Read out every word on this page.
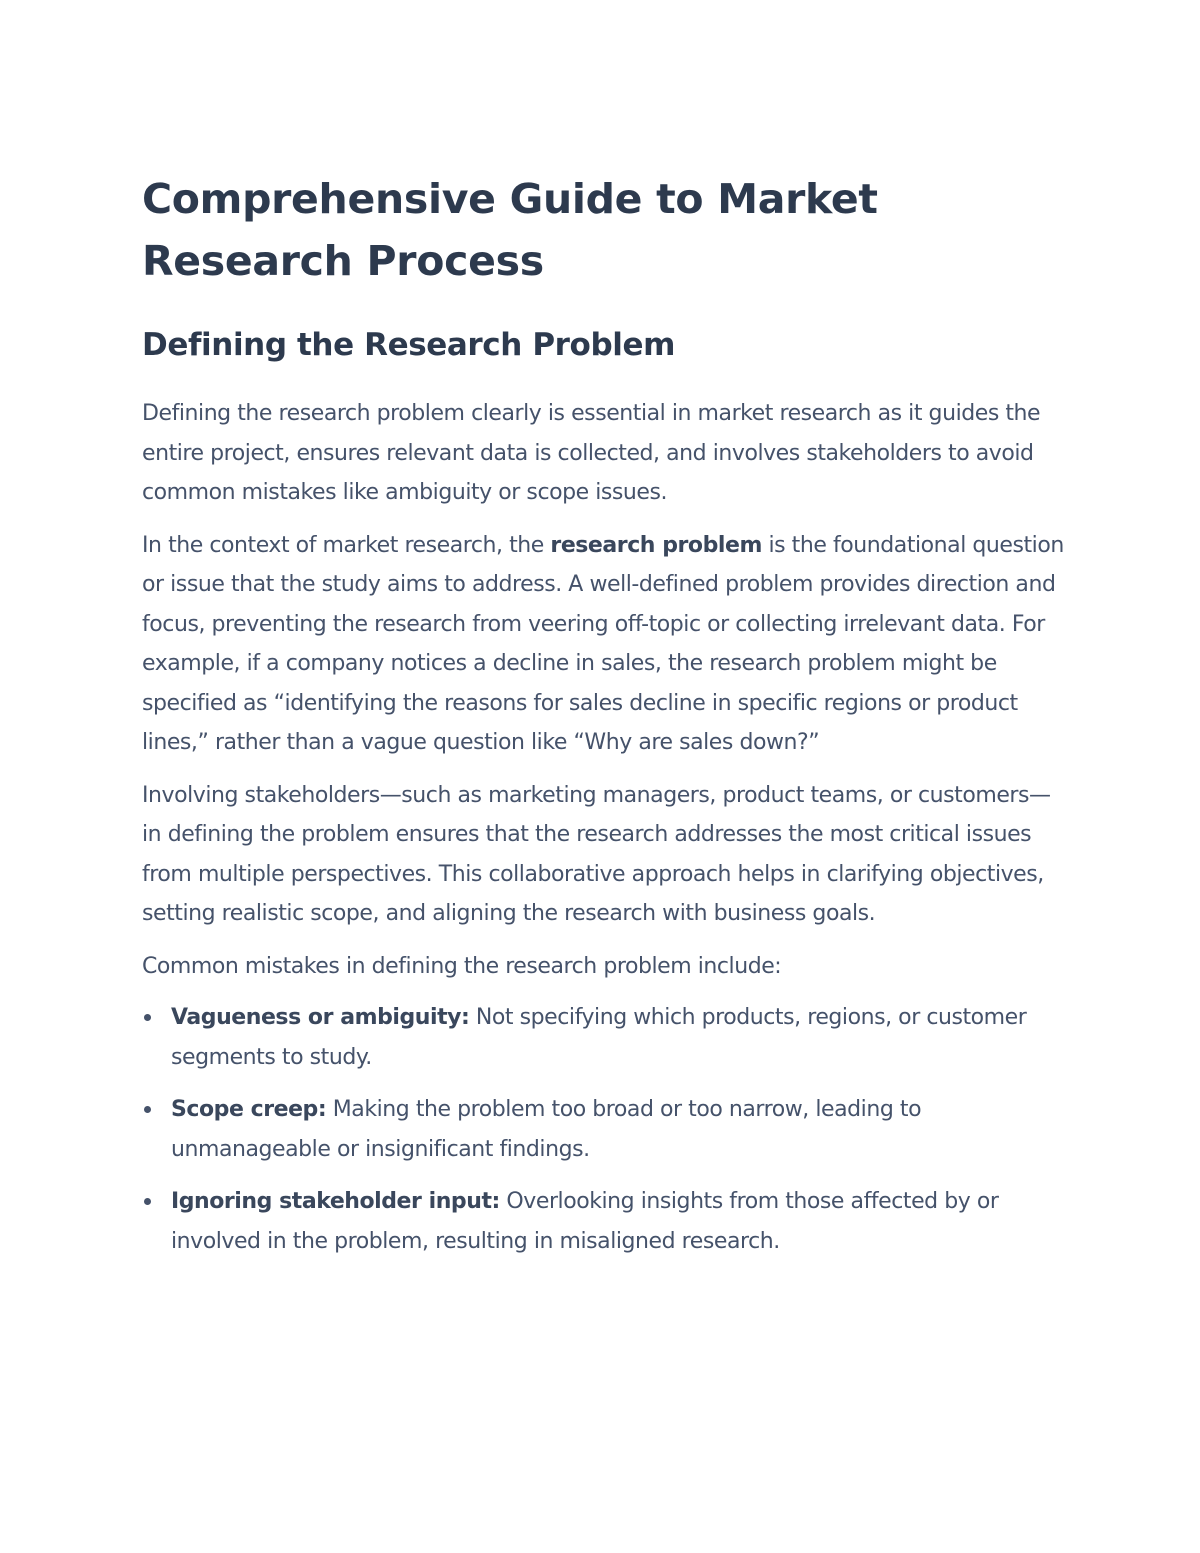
Comprehensive Guide to Market Research Process
Defining the Research Problem

Defining the research problem clearly is essential in market research as it guides the entire project, ensures relevant data is collected, and involves stakeholders to avoid common mistakes like ambiguity or scope issues.

In the context of market research, the research problem is the foundational question or issue that the study aims to address. A well-defined problem provides direction and focus, preventing the research from veering off-topic or collecting irrelevant data. For example, if a company notices a decline in sales, the research problem might be specified as “identifying the reasons for sales decline in specific regions or product lines,” rather than a vague question like “Why are sales down?”

Involving stakeholders—such as marketing managers, product teams, or customers—in defining the problem ensures that the research addresses the most critical issues from multiple perspectives. This collaborative approach helps in clarifying objectives, setting realistic scope, and aligning the research with business goals.

Common mistakes in defining the research problem include:

Vagueness or ambiguity: Not specifying which products, regions, or customer segments to study.
Scope creep: Making the problem too broad or too narrow, leading to unmanageable or insignificant findings.
Ignoring stakeholder input: Overlooking insights from those affected by or involved in the problem, resulting in misaligned research.
